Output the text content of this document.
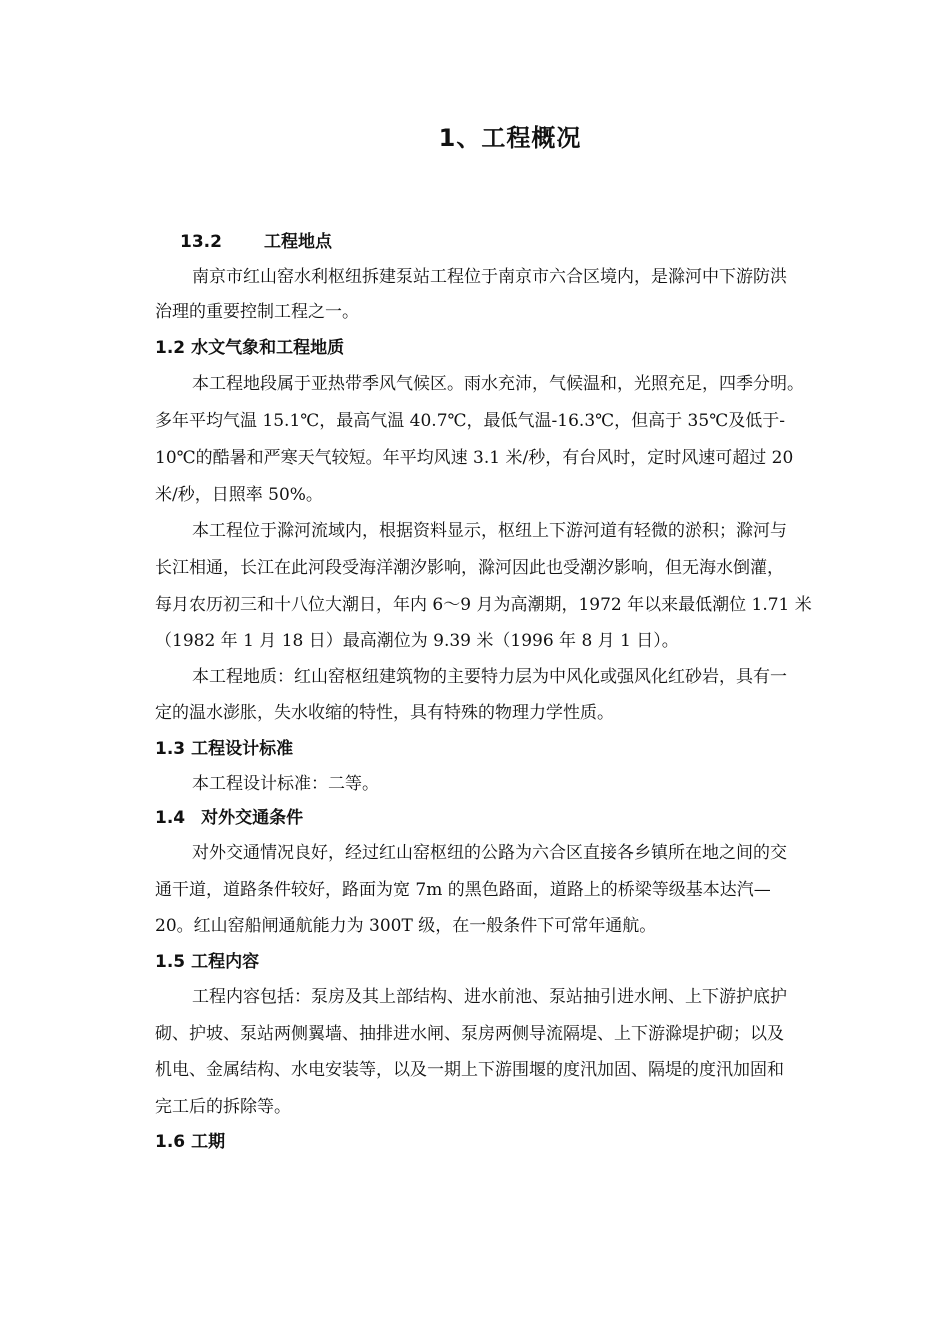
1、工程概况
13.2 工程地点
南京市红山窑水利枢纽拆建泵站工程位于南京市六合区境内，是滁河中下游防洪
治理的重要控制工程之一。
1.2 水文气象和工程地质
本工程地段属于亚热带季风气候区。雨水充沛，气候温和，光照充足，四季分明。
多年平均气温 15.1℃，最高气温 40.7℃，最低气温-16.3℃，但高于 35℃及低于-
10℃的酷暑和严寒天气较短。年平均风速 3.1 米/秒，有台风时，定时风速可超过 20
米/秒，日照率 50%。
本工程位于滁河流域内，根据资料显示，枢纽上下游河道有轻微的淤积；滁河与
长江相通，长江在此河段受海洋潮汐影响，滁河因此也受潮汐影响，但无海水倒灌，
每月农历初三和十八位大潮日，年内 6～9 月为高潮期，1972 年以来最低潮位 1.71 米
（1982 年 1 月 18 日）最高潮位为 9.39 米（1996 年 8 月 1 日）。
本工程地质：红山窑枢纽建筑物的主要特力层为中风化或强风化红砂岩，具有一
定的温水澎胀，失水收缩的特性，具有特殊的物理力学性质。
1.3 工程设计标准
本工程设计标准：二等。
1.4 对外交通条件
对外交通情况良好，经过红山窑枢纽的公路为六合区直接各乡镇所在地之间的交
通干道，道路条件较好，路面为宽 7m 的黑色路面，道路上的桥梁等级基本达汽—
20。红山窑船闸通航能力为 300T 级，在一般条件下可常年通航。
1.5 工程内容
工程内容包括：泵房及其上部结构、进水前池、泵站抽引进水闸、上下游护底护
砌、护坡、泵站两侧翼墙、抽排进水闸、泵房两侧导流隔堤、上下游滁堤护砌；以及
机电、金属结构、水电安装等，以及一期上下游围堰的度汛加固、隔堤的度汛加固和
完工后的拆除等。
1.6 工期
